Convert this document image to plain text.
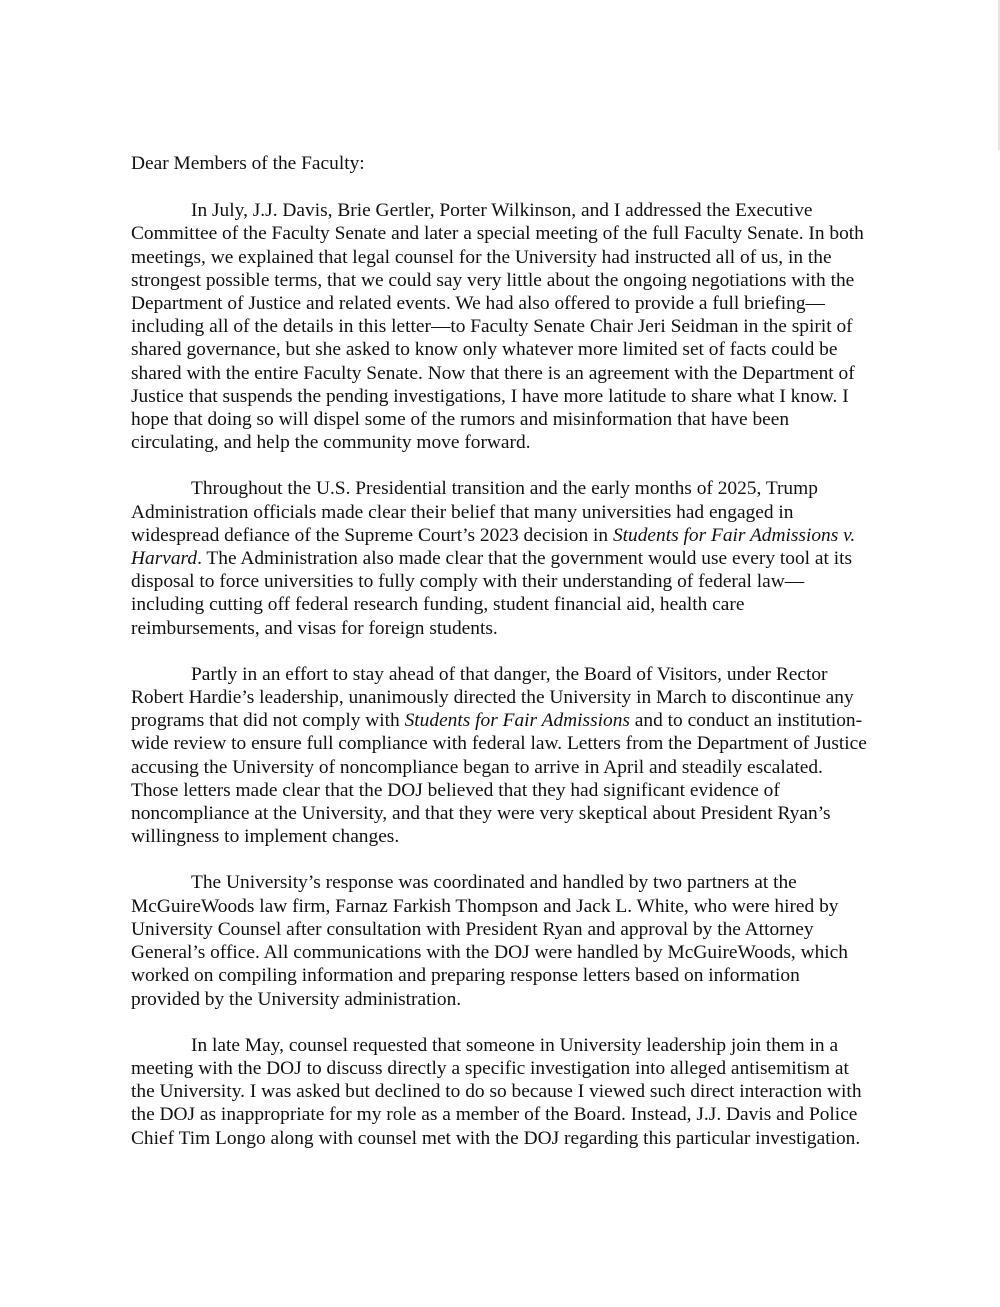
Dear Members of the Faculty:

In July, J.J. Davis, Brie Gertler, Porter Wilkinson, and I addressed the Executive Committee of the Faculty Senate and later a special meeting of the full Faculty Senate. In both meetings, we explained that legal counsel for the University had instructed all of us, in the strongest possible terms, that we could say very little about the ongoing negotiations with the Department of Justice and related events. We had also offered to provide a full briefing—including all of the details in this letter—to Faculty Senate Chair Jeri Seidman in the spirit of shared governance, but she asked to know only whatever more limited set of facts could be shared with the entire Faculty Senate. Now that there is an agreement with the Department of Justice that suspends the pending investigations, I have more latitude to share what I know. I hope that doing so will dispel some of the rumors and misinformation that have been circulating, and help the community move forward.

Throughout the U.S. Presidential transition and the early months of 2025, Trump Administration officials made clear their belief that many universities had engaged in widespread defiance of the Supreme Court’s 2023 decision in Students for Fair Admissions v. Harvard. The Administration also made clear that the government would use every tool at its disposal to force universities to fully comply with their understanding of federal law—including cutting off federal research funding, student financial aid, health care reimbursements, and visas for foreign students.

Partly in an effort to stay ahead of that danger, the Board of Visitors, under Rector Robert Hardie’s leadership, unanimously directed the University in March to discontinue any programs that did not comply with Students for Fair Admissions and to conduct an institution-wide review to ensure full compliance with federal law. Letters from the Department of Justice accusing the University of noncompliance began to arrive in April and steadily escalated. Those letters made clear that the DOJ believed that they had significant evidence of noncompliance at the University, and that they were very skeptical about President Ryan’s willingness to implement changes.

The University’s response was coordinated and handled by two partners at the McGuireWoods law firm, Farnaz Farkish Thompson and Jack L. White, who were hired by University Counsel after consultation with President Ryan and approval by the Attorney General’s office. All communications with the DOJ were handled by McGuireWoods, which worked on compiling information and preparing response letters based on information provided by the University administration.

In late May, counsel requested that someone in University leadership join them in a meeting with the DOJ to discuss directly a specific investigation into alleged antisemitism at the University. I was asked but declined to do so because I viewed such direct interaction with the DOJ as inappropriate for my role as a member of the Board. Instead, J.J. Davis and Police Chief Tim Longo along with counsel met with the DOJ regarding this particular investigation.
